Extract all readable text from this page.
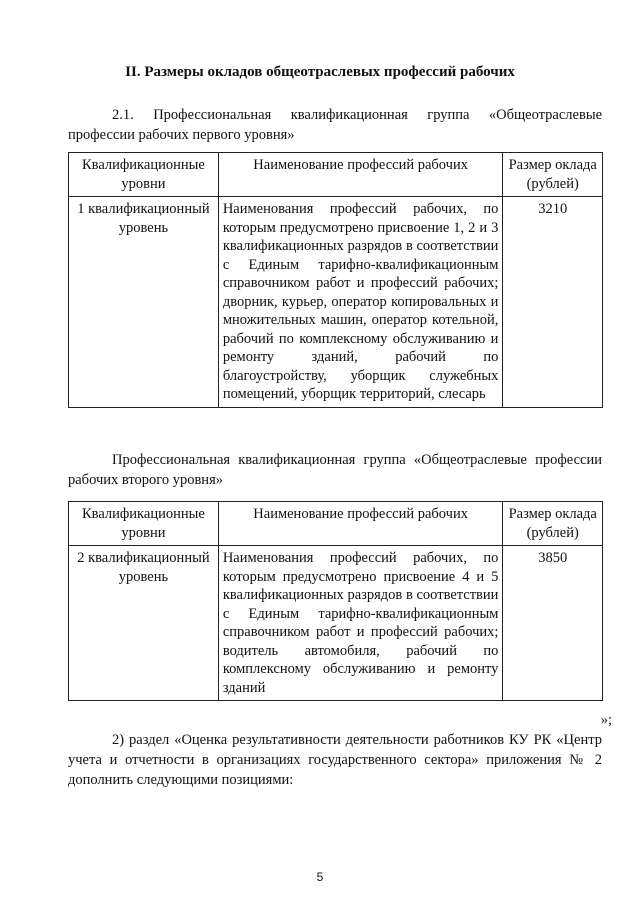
II. Размеры окладов общеотраслевых профессий рабочих

2.1. Профессиональная квалификационная группа «Общеотраслевые профессии рабочих первого уровня»

Квалификационные уровни	Наименование профессий рабочих	Размер оклада (рублей)
1 квалификационный уровень	Наименования профессий рабочих, по которым предусмотрено присвоение 1, 2 и 3 квалификационных разрядов в соответствии с Единым тарифно-квалификационным справочником работ и профессий рабочих; дворник, курьер, оператор копировальных и множительных машин, оператор котельной, рабочий по комплексному обслуживанию и ремонту зданий, рабочий по благоустройству, уборщик служебных помещений, уборщик территорий, слесарь	3210

Профессиональная квалификационная группа «Общеотраслевые профессии рабочих второго уровня»

Квалификационные уровни	Наименование профессий рабочих	Размер оклада (рублей)
2 квалификационный уровень	Наименования профессий рабочих, по которым предусмотрено присвоение 4 и 5 квалификационных разрядов в соответствии с Единым тарифно-квалификационным справочником работ и профессий рабочих; водитель автомобиля, рабочий по комплексному обслуживанию и ремонту зданий	3850
»;

2) раздел «Оценка результативности деятельности работников КУ РК «Центр учета и отчетности в организациях государственного сектора» приложения № 2 дополнить следующими позициями:

5
